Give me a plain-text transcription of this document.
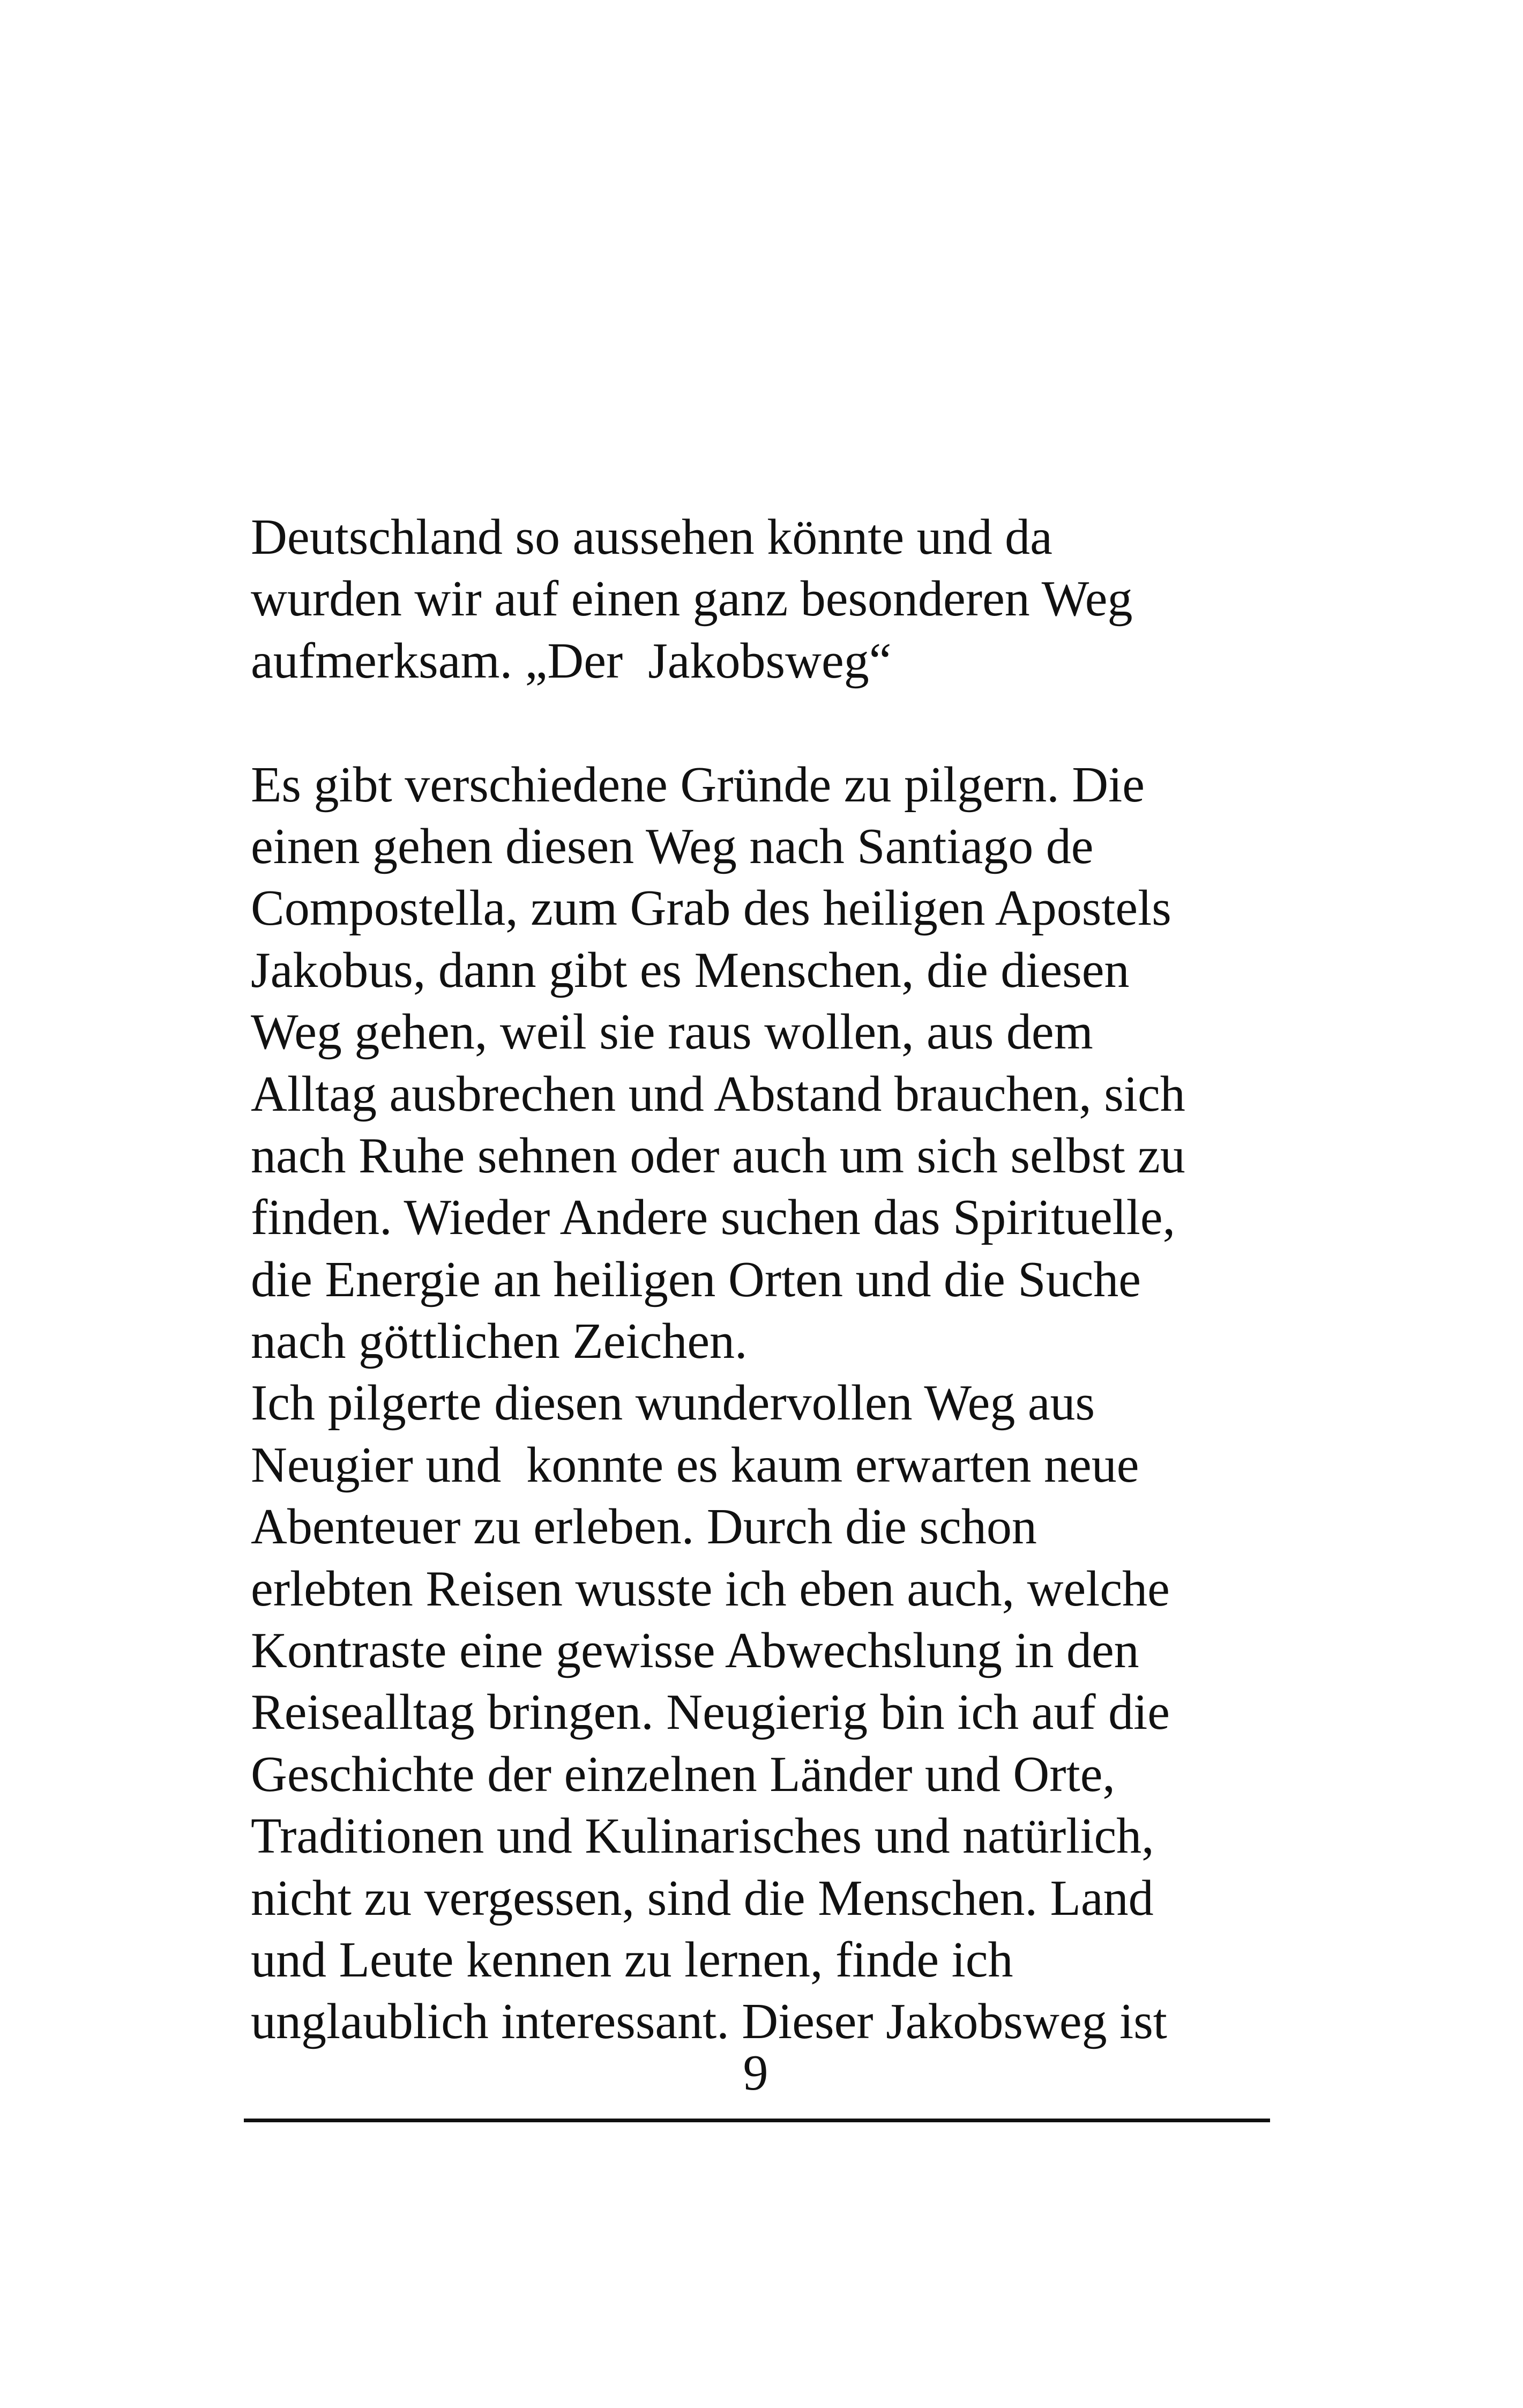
Deutschland so aussehen könnte und da
wurden wir auf einen ganz besonderen Weg
aufmerksam. „Der  Jakobsweg“
Es gibt verschiedene Gründe zu pilgern. Die
einen gehen diesen Weg nach Santiago de
Compostella, zum Grab des heiligen Apostels
Jakobus, dann gibt es Menschen, die diesen
Weg gehen, weil sie raus wollen, aus dem
Alltag ausbrechen und Abstand brauchen, sich
nach Ruhe sehnen oder auch um sich selbst zu
finden. Wieder Andere suchen das Spirituelle,
die Energie an heiligen Orten und die Suche
nach göttlichen Zeichen.
Ich pilgerte diesen wundervollen Weg aus
Neugier und  konnte es kaum erwarten neue
Abenteuer zu erleben. Durch die schon
erlebten Reisen wusste ich eben auch, welche
Kontraste eine gewisse Abwechslung in den
Reisealltag bringen. Neugierig bin ich auf die
Geschichte der einzelnen Länder und Orte,
Traditionen und Kulinarisches und natürlich,
nicht zu vergessen, sind die Menschen. Land
und Leute kennen zu lernen, finde ich
unglaublich interessant. Dieser Jakobsweg ist
9
